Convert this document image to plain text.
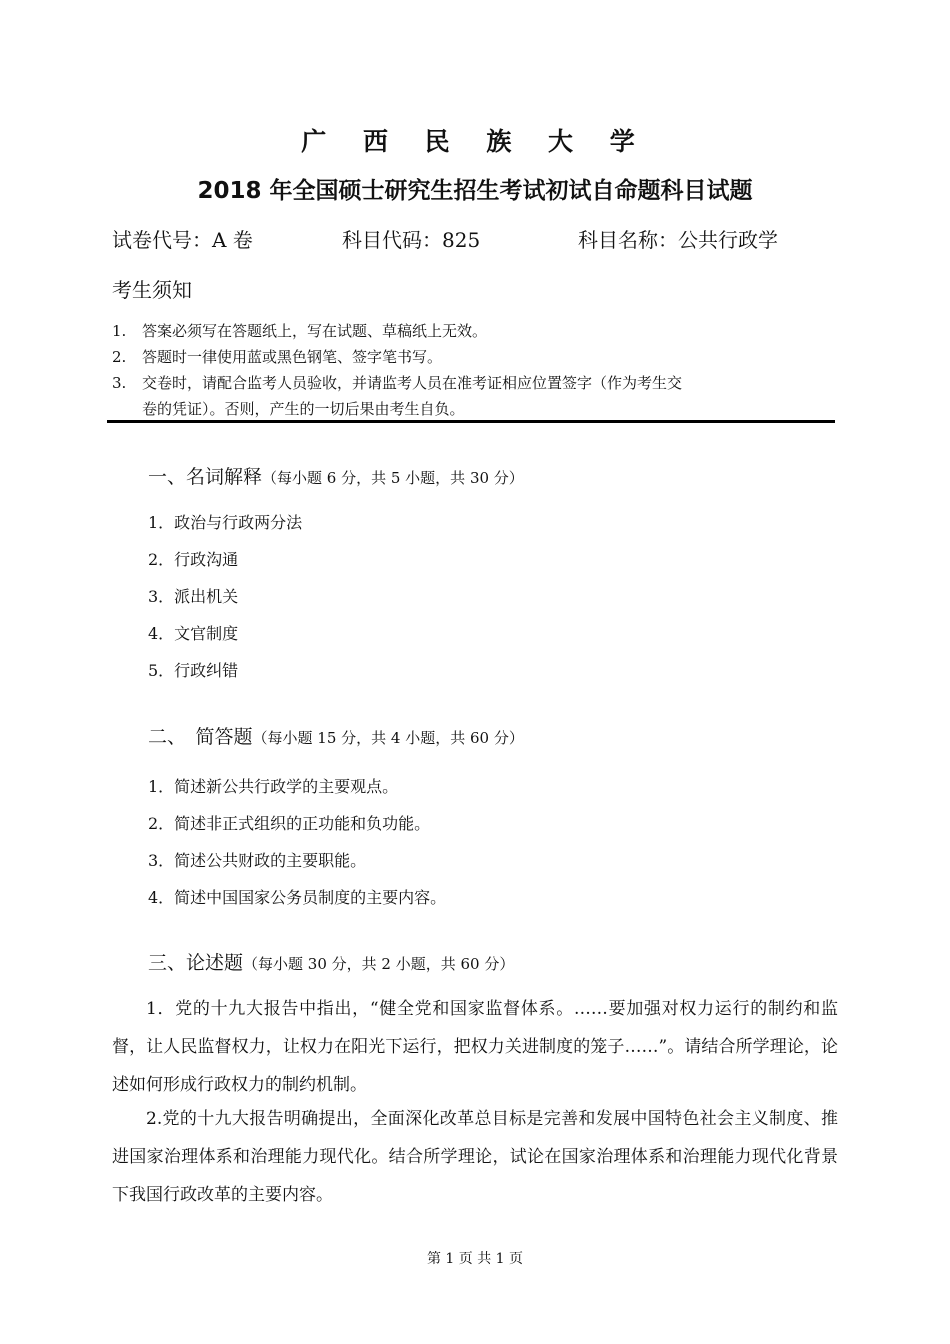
广 西 民 族 大 学
2018 年全国硕士研究生招生考试初试自命题科目试题
试卷代号：A 卷	科目代码：825	科目名称：公共行政学
考生须知
1. 答案必须写在答题纸上，写在试题、草稿纸上无效。
2. 答题时一律使用蓝或黑色钢笔、签字笔书写。
3. 交卷时，请配合监考人员验收，并请监考人员在准考证相应位置签字（作为考生交
卷的凭证）。否则，产生的一切后果由考生自负。
一、名词解释（每小题 6 分，共 5 小题，共 30 分）
1．政治与行政两分法
2．行政沟通
3．派出机关
4．文官制度
5．行政纠错
二、　简答题（每小题 15 分，共 4 小题，共 60 分）
1．简述新公共行政学的主要观点。
2．简述非正式组织的正功能和负功能。
3．简述公共财政的主要职能。
4．简述中国国家公务员制度的主要内容。
三、论述题（每小题 30 分，共 2 小题，共 60 分）
1．党的十九大报告中指出，“健全党和国家监督体系。……要加强对权力运行的制约和监督，让人民监督权力，让权力在阳光下运行，把权力关进制度的笼子……”。请结合所学理论，论述如何形成行政权力的制约机制。
2.党的十九大报告明确提出，全面深化改革总目标是完善和发展中国特色社会主义制度、推进国家治理体系和治理能力现代化。结合所学理论，试论在国家治理体系和治理能力现代化背景下我国行政改革的主要内容。
第 1 页 共 1 页
